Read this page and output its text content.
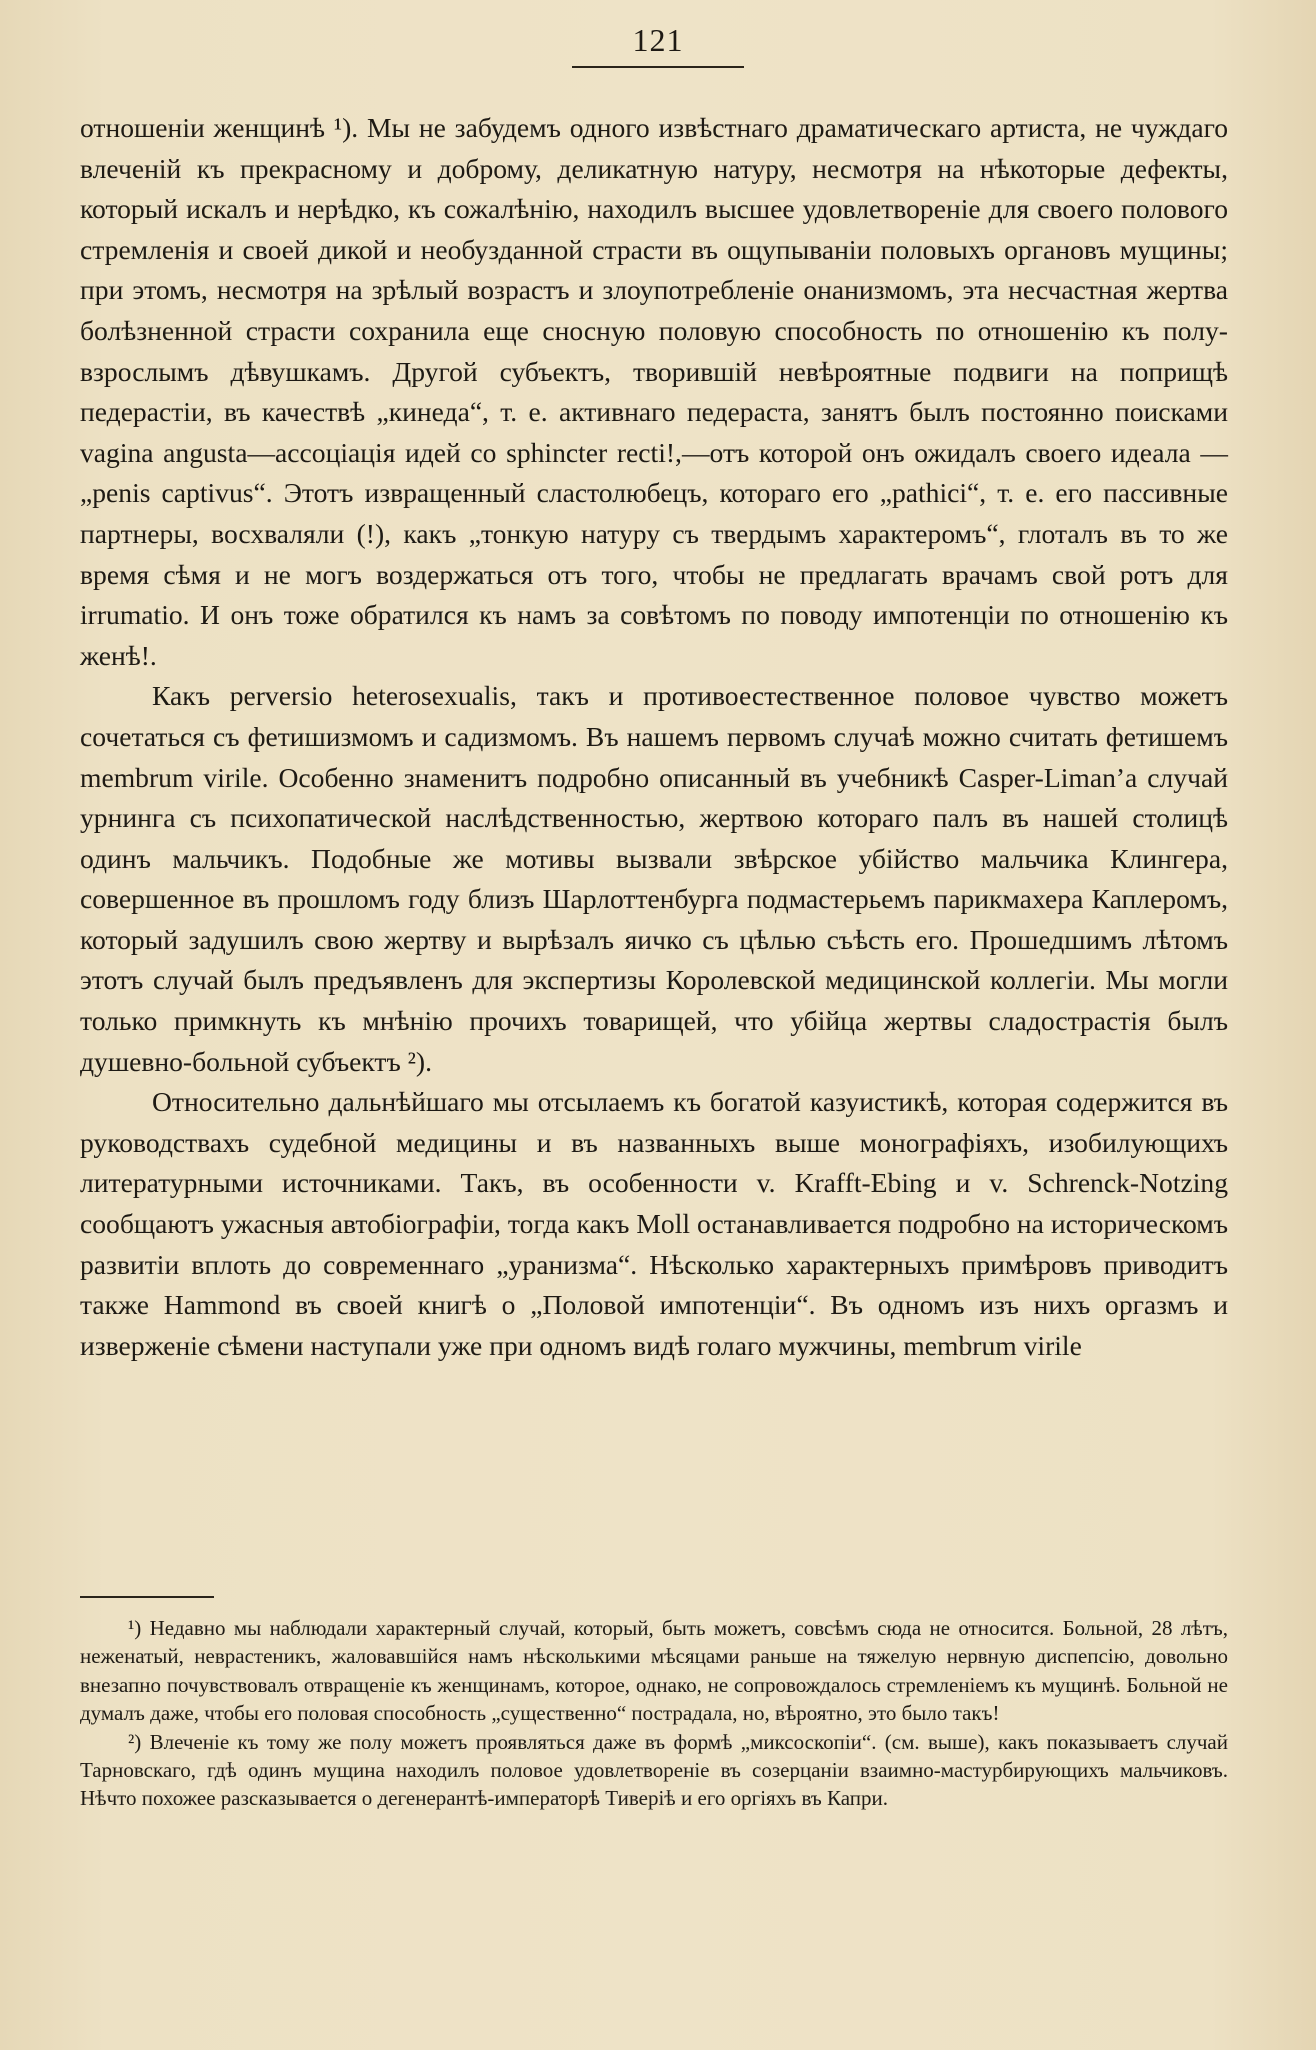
121

отношенiи женщинѣ ¹). Мы не забудемъ одного извѣстнаго драматическаго артиста, не чуждаго влеченiй къ прекрасному и доброму, деликатную натуру, несмотря на нѣкоторые дефекты, который искалъ и нерѣдко, къ сожалѣнiю, находилъ высшее удовлетворенiе для своего полового стремленiя и своей дикой и необузданной страсти въ ощупыванiи половыхъ органовъ мущины; при этомъ, несмотря на зрѣлый возрастъ и злоупотребленiе онанизмомъ, эта несчастная жертва болѣзненной страсти сохранила еще сносную половую способность по отношенiю къ полу-взрослымъ дѣвушкамъ. Другой субъектъ, творившiй невѣроятные подвиги на поприщѣ педерастiи, въ качествѣ „кинеда“, т. е. активнаго педераста, занятъ былъ постоянно поисками vagina angusta—ассоцiацiя идей со sphincter recti!,—отъ которой онъ ожидалъ своего идеала — „penis captivus“. Этотъ извращенный сластолюбецъ, котораго его „pathici“, т. е. его пассивные партнеры, восхваляли (!), какъ „тонкую натуру съ твердымъ характеромъ“, глоталъ въ то же время сѣмя и не могъ воздержаться отъ того, чтобы не предлагать врачамъ свой ротъ для irrumatio. И онъ тоже обратился къ намъ за совѣтомъ по поводу импотенцiи по отношенiю къ женѣ!.

Какъ perversio heterosexualis, такъ и противоестественное половое чувство можетъ сочетаться съ фетишизмомъ и садизмомъ. Въ нашемъ первомъ случаѣ можно считать фетишемъ membrum virile. Особенно знаменитъ подробно описанный въ учебникѣ Casper-Liman’a случай урнинга съ психопатической наслѣдственностью, жертвою котораго палъ въ нашей столицѣ одинъ мальчикъ. Подобные же мотивы вызвали звѣрское убiйство мальчика Клингера, совершенное въ прошломъ году близъ Шарлоттенбурга подмастерьемъ парикмахера Каплеромъ, который задушилъ свою жертву и вырѣзалъ яичко съ цѣлью съѣсть его. Прошедшимъ лѣтомъ этотъ случай былъ предъявленъ для экспертизы Королевской медицинской коллегiи. Мы могли только примкнуть къ мнѣнiю прочихъ товарищей, что убiйца жертвы сладострастiя былъ душевно-больной субъектъ ²).

Относительно дальнѣйшаго мы отсылаемъ къ богатой казуистикѣ, которая содержится въ руководствахъ судебной медицины и въ названныхъ выше монографiяхъ, изобилующихъ литературными источниками. Такъ, въ особенности v. Krafft-Ebing и v. Schrenck-Notzing сообщаютъ ужасныя автобiографiи, тогда какъ Moll останавливается подробно на историческомъ развитiи вплоть до современнаго „уранизма“. Нѣсколько характерныхъ примѣровъ приводитъ также Hammond въ своей книгѣ о „Половой импотенцiи“. Въ одномъ изъ нихъ оргазмъ и изверженiе сѣмени наступали уже при одномъ видѣ голаго мужчины, membrum virile

¹) Недавно мы наблюдали характерный случай, который, быть можетъ, совсѣмъ сюда не относится. Больной, 28 лѣтъ, неженатый, неврастеникъ, жаловавшiйся намъ нѣсколькими мѣсяцами раньше на тяжелую нервную диспепсiю, довольно внезапно почувствовалъ отвращенiе къ женщинамъ, которое, однако, не сопровождалось стремленiемъ къ мущинѣ. Больной не думалъ даже, чтобы его половая способность „существенно“ пострадала, но, вѣроятно, это было такъ!

²) Влеченiе къ тому же полу можетъ проявляться даже въ формѣ „миксоскопiи“. (см. выше), какъ показываетъ случай Тарновскаго, гдѣ одинъ мущина находилъ половое удовлетворенiе въ созерцанiи взаимно-мастурбирующихъ мальчиковъ. Нѣчто похожее разсказывается о дегенерантѣ-императорѣ Тиверiѣ и его оргiяхъ въ Капри.
